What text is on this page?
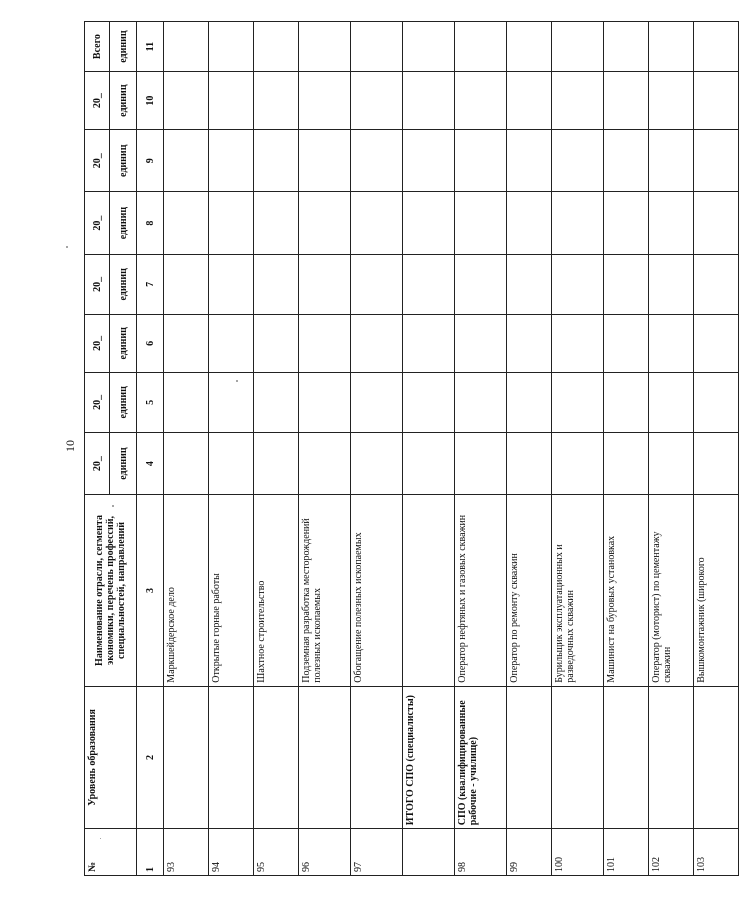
10
№	Уровень образования	Наименование отрасли, сегмента экономики, перечень профессий, специальностей, направлений	20_	20_	20_	20_	20_	20_	20_	Всего
			единиц	единиц	единиц	единиц	единиц	единиц	единиц	единиц
1	2	3	4	5	6	7	8	9	10	11
93		Маркшейдерское дело								
94		Открытые горные работы								
95		Шахтное строительство								
96		Подземная разработка месторождений полезных ископаемых								
97		Обогащение полезных ископаемых								
	ИТОГО СПО (специалисты)									
98	СПО (квалифицированные рабочие - училище)	Оператор нефтяных и газовых скважин								
99		Оператор по ремонту скважин								
100		Бурильщик эксплуатационных и разведочных скважин								
101		Машинист на буровых установках								
102		Оператор (моторист) по цементажу скважин								
103		Вышкомонтажник (широкого								
